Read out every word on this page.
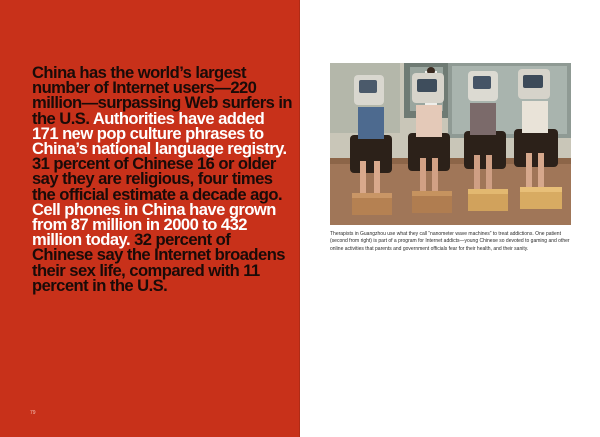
China has the world’s largest number of Internet users—220 million—surpassing Web surfers in the U.S. Authorities have added 171 new pop culture phrases to China’s national language registry. 31 percent of Chinese 16 or older say they are religious, four times the official estimate a decade ago. Cell phones in China have grown from 87 million in 2000 to 432 million today. 32 percent of Chinese say the Internet broadens their sex life, compared with 11 percent in the U.S.

79

Therapists in Guangzhou use what they call “nanometer wave machines” to treat addictions. One patient (second from right) is part of a program for Internet addicts—young Chinese so devoted to gaming and other online activities that parents and government officials fear for their health, and their sanity.
